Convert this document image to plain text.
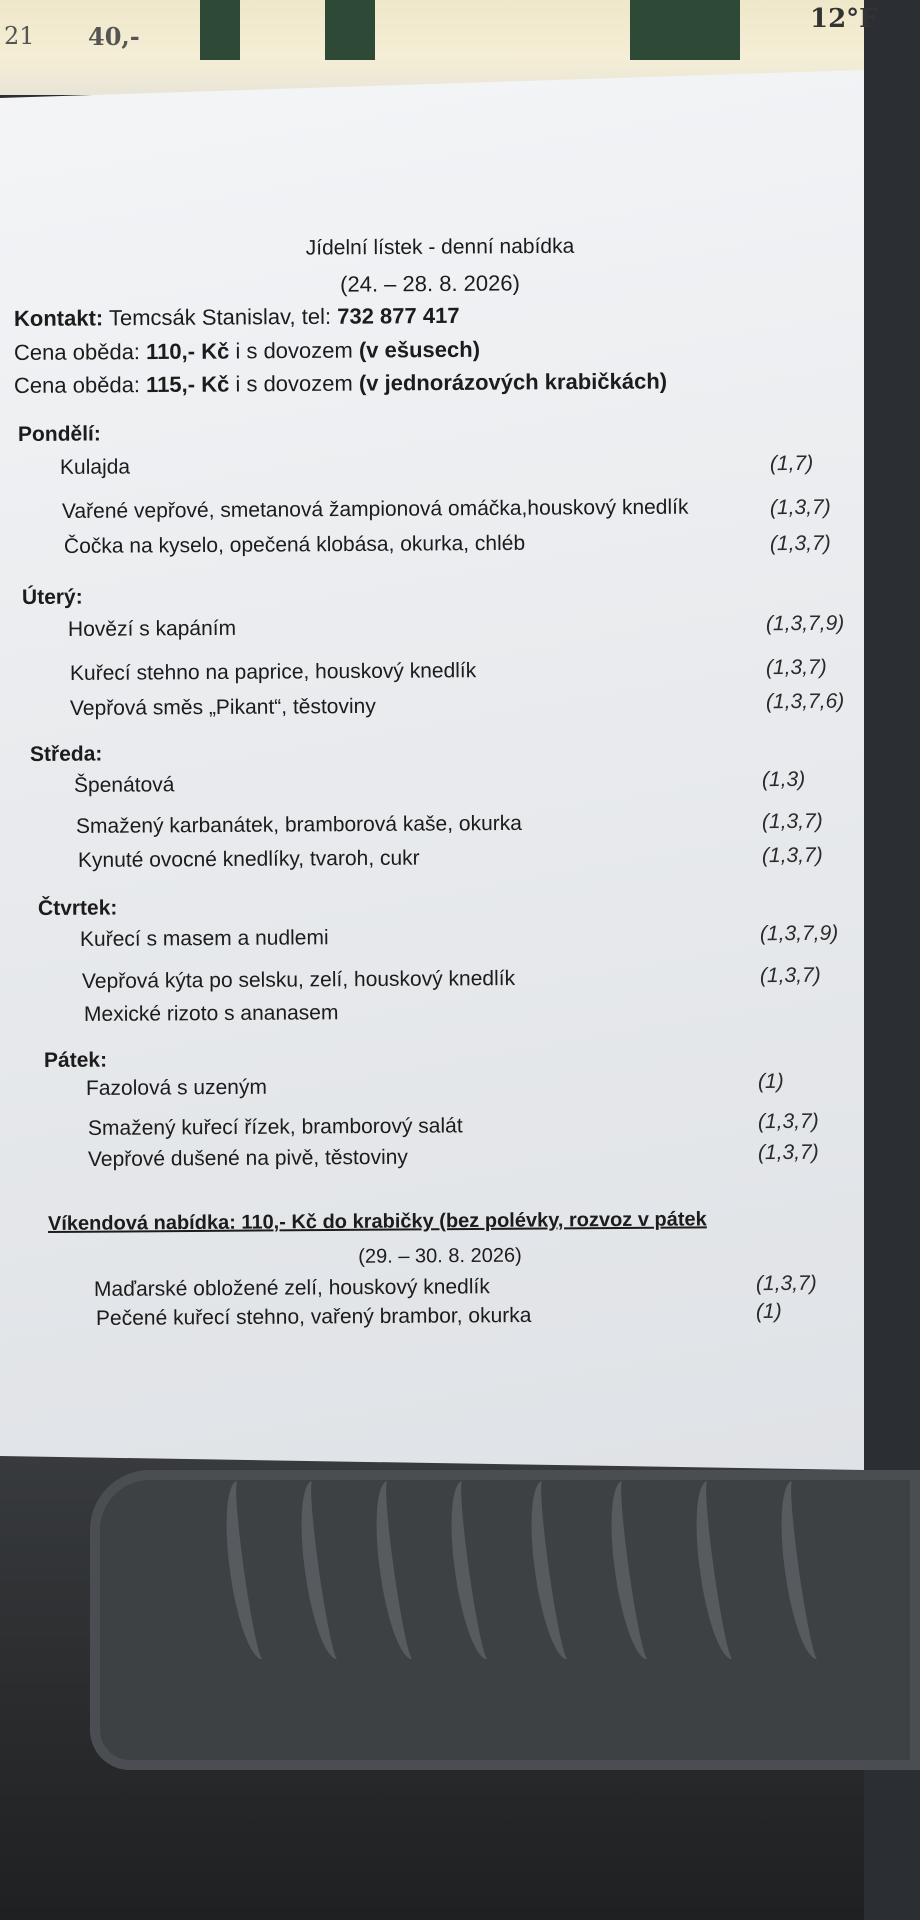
21 40,-
12°F
Jídelní lístek - denní nabídka
(24. – 28. 8. 2026)
Kontakt: Temcsák Stanislav, tel: 732 877 417
Cena oběda: 110,- Kč i s dovozem (v ešusech)
Cena oběda: 115,- Kč i s dovozem (v jednorázových krabičkách)
Pondělí:
Kulajda	(1,7)
Vařené vepřové, smetanová žampionová omáčka,houskový knedlík	(1,3,7)
Čočka na kyselo, opečená klobása, okurka, chléb	(1,3,7)
Úterý:
Hovězí s kapáním	(1,3,7,9)
Kuřecí stehno na paprice, houskový knedlík	(1,3,7)
Vepřová směs „Pikant“, těstoviny	(1,3,7,6)
Středa:
Špenátová	(1,3)
Smažený karbanátek, bramborová kaše, okurka	(1,3,7)
Kynuté ovocné knedlíky, tvaroh, cukr	(1,3,7)
Čtvrtek:
Kuřecí s masem a nudlemi	(1,3,7,9)
Vepřová kýta po selsku, zelí, houskový knedlík	(1,3,7)
Mexické rizoto s ananasem
Pátek:
Fazolová s uzeným	(1)
Smažený kuřecí řízek, bramborový salát	(1,3,7)
Vepřové dušené na pivě, těstoviny	(1,3,7)
Víkendová nabídka: 110,- Kč do krabičky (bez polévky, rozvoz v pátek
(29. – 30. 8. 2026)
Maďarské obložené zelí, houskový knedlík	(1,3,7)
Pečené kuřecí stehno, vařený brambor, okurka	(1)
